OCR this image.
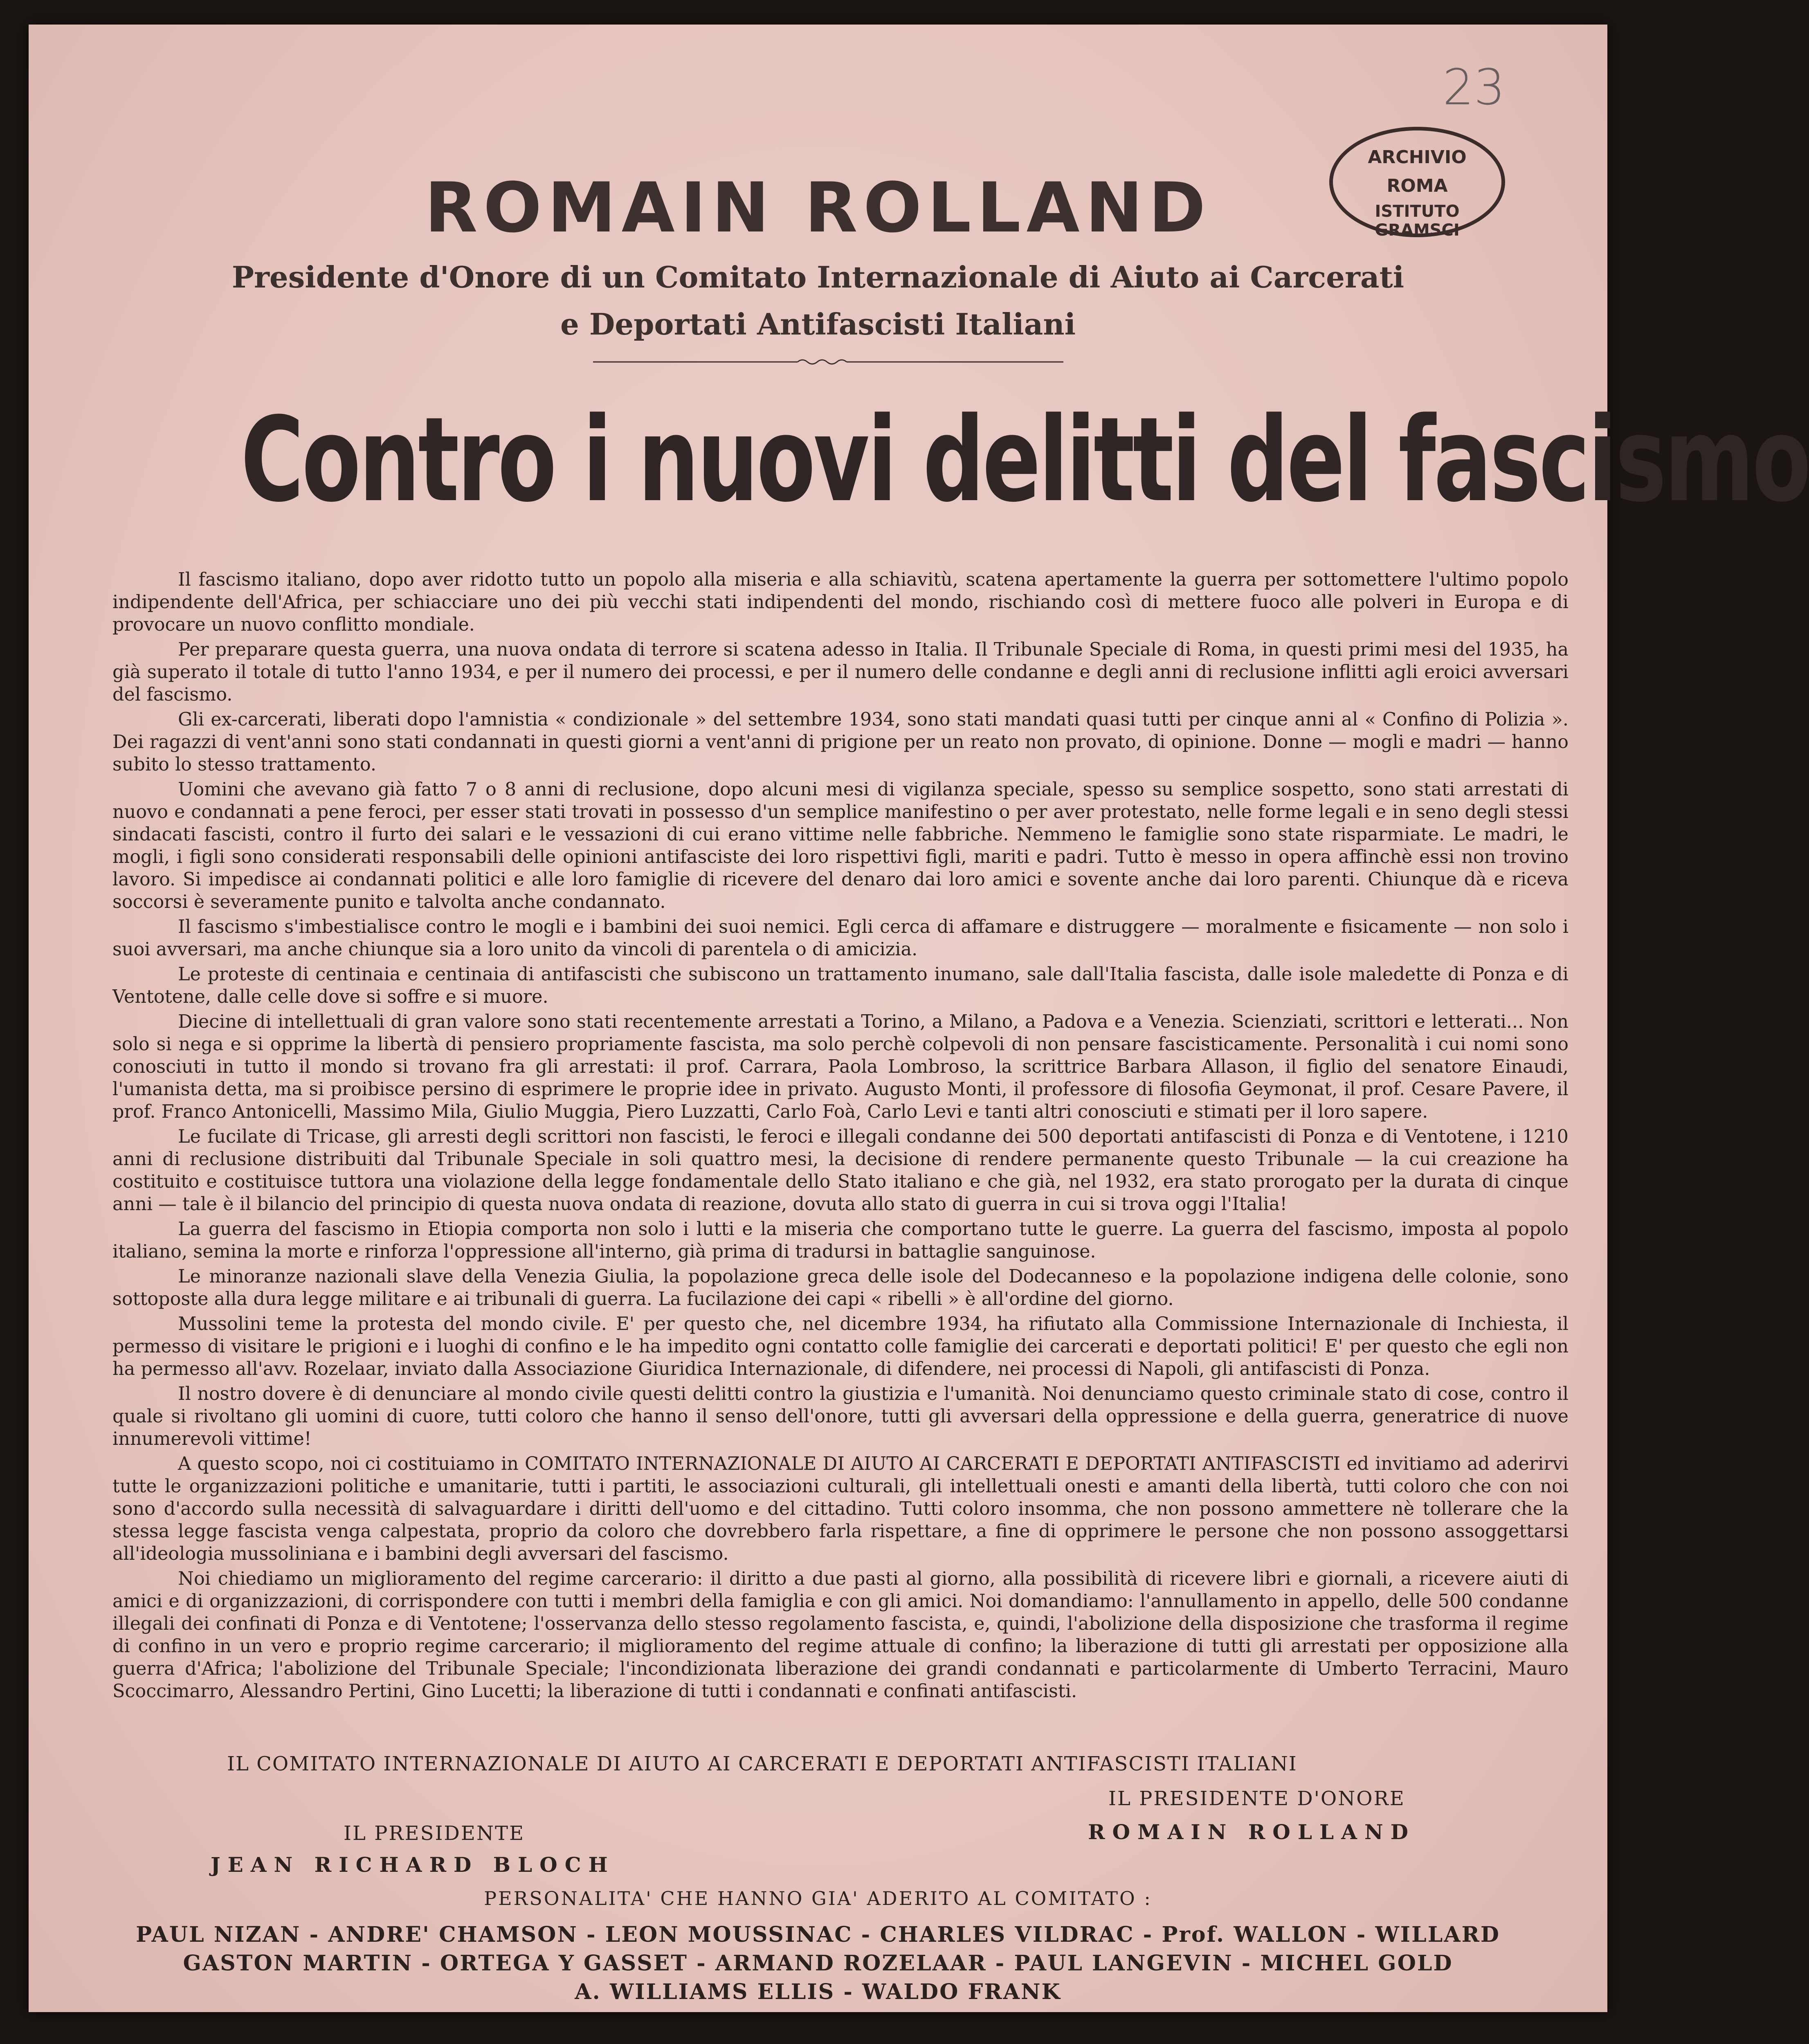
23
ARCHIVIO
ROMA
ISTITUTO GRAMSCI
ROMAIN ROLLAND
Presidente d'Onore di un Comitato Internazionale di Aiuto ai Carcerati
e Deportati Antifascisti Italiani
Contro i nuovi delitti del fascismo

Il fascismo italiano, dopo aver ridotto tutto un popolo alla miseria e alla schiavitù, scatena apertamente la guerra per sottomettere l'ultimo popolo indipendente dell'Africa, per schiacciare uno dei più vecchi stati indipendenti del mondo, rischiando così di mettere fuoco alle polveri in Europa e di provocare un nuovo conflitto mondiale.

Per preparare questa guerra, una nuova ondata di terrore si scatena adesso in Italia. Il Tribunale Speciale di Roma, in questi primi mesi del 1935, ha già superato il totale di tutto l'anno 1934, e per il numero dei processi, e per il numero delle condanne e degli anni di reclusione inflitti agli eroici avversari del fascismo.

Gli ex-carcerati, liberati dopo l'amnistia « condizionale » del settembre 1934, sono stati mandati quasi tutti per cinque anni al « Confino di Polizia ». Dei ragazzi di vent'anni sono stati condannati in questi giorni a vent'anni di prigione per un reato non provato, di opinione. Donne — mogli e madri — hanno subito lo stesso trattamento.

Uomini che avevano già fatto 7 o 8 anni di reclusione, dopo alcuni mesi di vigilanza speciale, spesso su semplice sospetto, sono stati arrestati di nuovo e condannati a pene feroci, per esser stati trovati in possesso d'un semplice manifestino o per aver protestato, nelle forme legali e in seno degli stessi sindacati fascisti, contro il furto dei salari e le vessazioni di cui erano vittime nelle fabbriche. Nemmeno le famiglie sono state risparmiate. Le madri, le mogli, i figli sono considerati responsabili delle opinioni antifasciste dei loro rispettivi figli, mariti e padri. Tutto è messo in opera affinchè essi non trovino lavoro. Si impedisce ai condannati politici e alle loro famiglie di ricevere del denaro dai loro amici e sovente anche dai loro parenti. Chiunque dà e riceva soccorsi è severamente punito e talvolta anche condannato.

Il fascismo s'imbestialisce contro le mogli e i bambini dei suoi nemici. Egli cerca di affamare e distruggere — moralmente e fisicamente — non solo i suoi avversari, ma anche chiunque sia a loro unito da vincoli di parentela o di amicizia.

Le proteste di centinaia e centinaia di antifascisti che subiscono un trattamento inumano, sale dall'Italia fascista, dalle isole maledette di Ponza e di Ventotene, dalle celle dove si soffre e si muore.

Diecine di intellettuali di gran valore sono stati recentemente arrestati a Torino, a Milano, a Padova e a Venezia. Scienziati, scrittori e letterati... Non solo si nega e si opprime la libertà di pensiero propriamente fascista, ma solo perchè colpevoli di non pensare fascisticamente. Personalità i cui nomi sono conosciuti in tutto il mondo si trovano fra gli arrestati: il prof. Carrara, Paola Lombroso, la scrittrice Barbara Allason, il figlio del senatore Einaudi, l'umanista detta, ma si proibisce persino di esprimere le proprie idee in privato. Augusto Monti, il professore di filosofia Geymonat, il prof. Cesare Pavere, il prof. Franco Antonicelli, Massimo Mila, Giulio Muggia, Piero Luzzatti, Carlo Foà, Carlo Levi e tanti altri conosciuti e stimati per il loro sapere.

Le fucilate di Tricase, gli arresti degli scrittori non fascisti, le feroci e illegali condanne dei 500 deportati antifascisti di Ponza e di Ventotene, i 1210 anni di reclusione distribuiti dal Tribunale Speciale in soli quattro mesi, la decisione di rendere permanente questo Tribunale — la cui creazione ha costituito e costituisce tuttora una violazione della legge fondamentale dello Stato italiano e che già, nel 1932, era stato prorogato per la durata di cinque anni — tale è il bilancio del principio di questa nuova ondata di reazione, dovuta allo stato di guerra in cui si trova oggi l'Italia!

La guerra del fascismo in Etiopia comporta non solo i lutti e la miseria che comportano tutte le guerre. La guerra del fascismo, imposta al popolo italiano, semina la morte e rinforza l'oppressione all'interno, già prima di tradursi in battaglie sanguinose.

Le minoranze nazionali slave della Venezia Giulia, la popolazione greca delle isole del Dodecanneso e la popolazione indigena delle colonie, sono sottoposte alla dura legge militare e ai tribunali di guerra. La fucilazione dei capi « ribelli » è all'ordine del giorno.

Mussolini teme la protesta del mondo civile. E' per questo che, nel dicembre 1934, ha rifiutato alla Commissione Internazionale di Inchiesta, il permesso di visitare le prigioni e i luoghi di confino e le ha impedito ogni contatto colle famiglie dei carcerati e deportati politici! E' per questo che egli non ha permesso all'avv. Rozelaar, inviato dalla Associazione Giuridica Internazionale, di difendere, nei processi di Napoli, gli antifascisti di Ponza.

Il nostro dovere è di denunciare al mondo civile questi delitti contro la giustizia e l'umanità. Noi denunciamo questo criminale stato di cose, contro il quale si rivoltano gli uomini di cuore, tutti coloro che hanno il senso dell'onore, tutti gli avversari della oppressione e della guerra, generatrice di nuove innumerevoli vittime!

A questo scopo, noi ci costituiamo in COMITATO INTERNAZIONALE DI AIUTO AI CARCERATI E DEPORTATI ANTIFASCISTI ed invitiamo ad aderirvi tutte le organizzazioni politiche e umanitarie, tutti i partiti, le associazioni culturali, gli intellettuali onesti e amanti della libertà, tutti coloro che con noi sono d'accordo sulla necessità di salvaguardare i diritti dell'uomo e del cittadino. Tutti coloro insomma, che non possono ammettere nè tollerare che la stessa legge fascista venga calpestata, proprio da coloro che dovrebbero farla rispettare, a fine di opprimere le persone che non possono assoggettarsi all'ideologia mussoliniana e i bambini degli avversari del fascismo.

Noi chiediamo un miglioramento del regime carcerario: il diritto a due pasti al giorno, alla possibilità di ricevere libri e giornali, a ricevere aiuti di amici e di organizzazioni, di corrispondere con tutti i membri della famiglia e con gli amici. Noi domandiamo: l'annullamento in appello, delle 500 condanne illegali dei confinati di Ponza e di Ventotene; l'osservanza dello stesso regolamento fascista, e, quindi, l'abolizione della disposizione che trasforma il regime di confino in un vero e proprio regime carcerario; il miglioramento del regime attuale di confino; la liberazione di tutti gli arrestati per opposizione alla guerra d'Africa; l'abolizione del Tribunale Speciale; l'incondizionata liberazione dei grandi condannati e particolarmente di Umberto Terracini, Mauro Scoccimarro, Alessandro Pertini, Gino Lucetti; la liberazione di tutti i condannati e confinati antifascisti.

IL COMITATO INTERNAZIONALE DI AIUTO AI CARCERATI E DEPORTATI ANTIFASCISTI ITALIANI
IL PRESIDENTE D'ONORE
ROMAIN ROLLAND
IL PRESIDENTE
JEAN RICHARD BLOCH
PERSONALITA' CHE HANNO GIA' ADERITO AL COMITATO :
PAUL NIZAN - ANDRE' CHAMSON - LEON MOUSSINAC - CHARLES VILDRAC - Prof. WALLON - WILLARD
GASTON MARTIN - ORTEGA Y GASSET - ARMAND ROZELAAR - PAUL LANGEVIN - MICHEL GOLD
A. WILLIAMS ELLIS - WALDO FRANK
